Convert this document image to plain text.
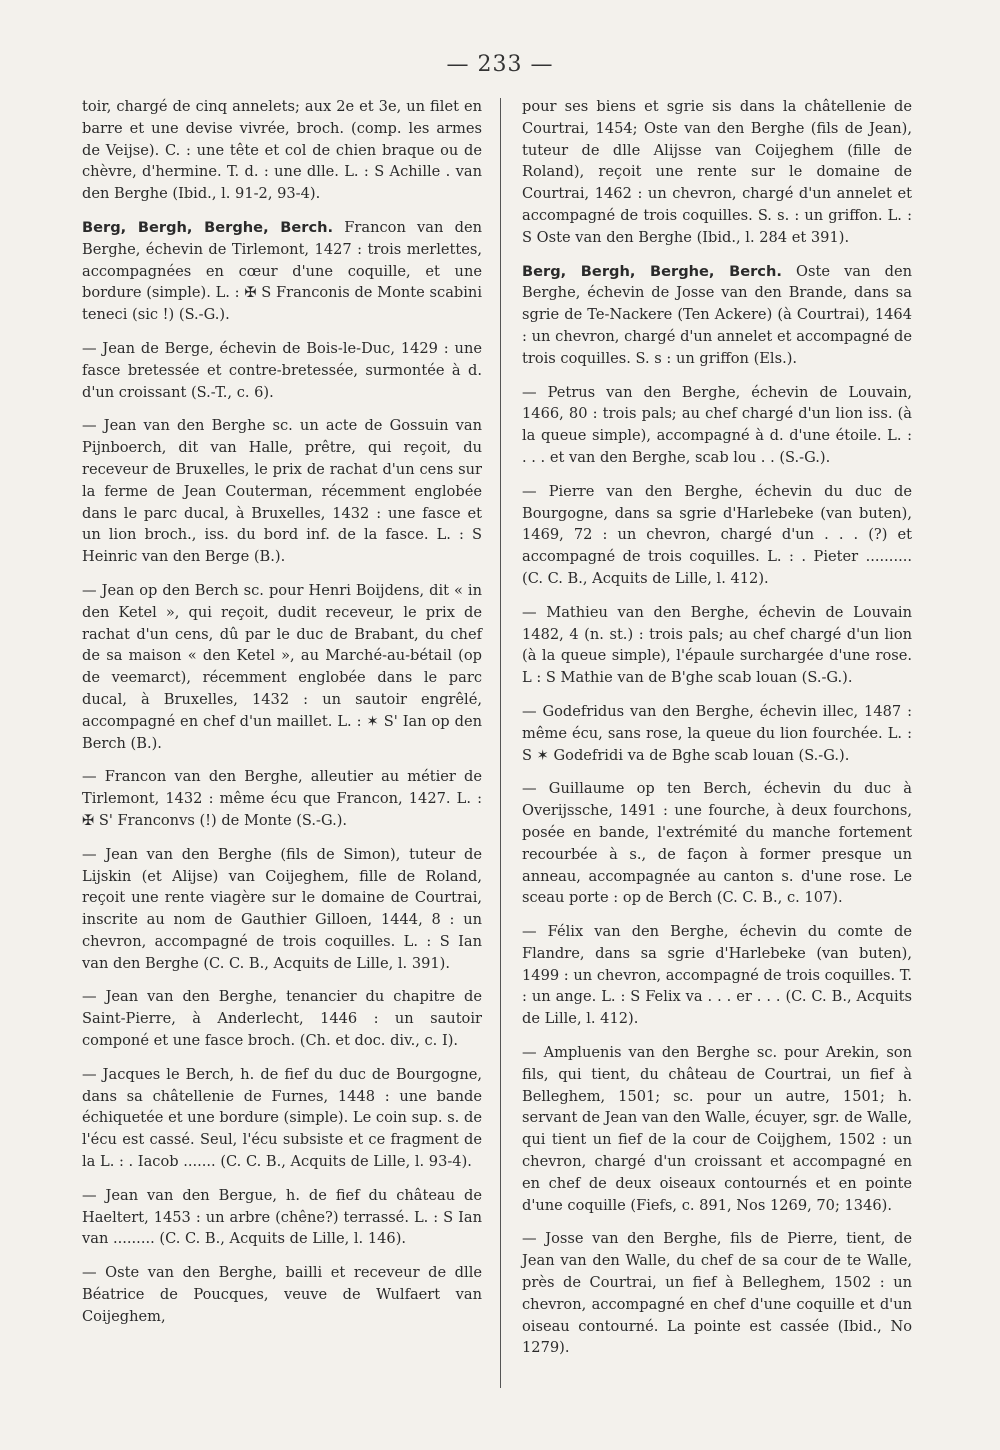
— 233 —

toir, chargé de cinq annelets; aux 2e et 3e, un filet en barre et une devise vivrée, broch. (comp. les armes de Veijse). C. : une tête et col de chien braque ou de chèvre, d'hermine. T. d. : une dlle. L. : S Achille . van den Berghe (Ibid., l. 91-2, 93-4).

Berg, Bergh, Berghe, Berch. Francon van den Berghe, échevin de Tirlemont, 1427 : trois merlettes, accompagnées en cœur d'une coquille, et une bordure (simple). L. : ✠ S Franconis de Monte scabini teneci (sic !) (S.-G.).

— Jean de Berge, échevin de Bois-le-Duc, 1429 : une fasce bretessée et contre-bretessée, surmontée à d. d'un croissant (S.-T., c. 6).

— Jean van den Berghe sc. un acte de Gossuin van Pijnboerch, dit van Halle, prêtre, qui reçoit, du receveur de Bruxelles, le prix de rachat d'un cens sur la ferme de Jean Couterman, récemment englobée dans le parc ducal, à Bruxelles, 1432 : une fasce et un lion broch., iss. du bord inf. de la fasce. L. : S Heinric van den Berge (B.).

— Jean op den Berch sc. pour Henri Boijdens, dit « in den Ketel », qui reçoit, dudit receveur, le prix de rachat d'un cens, dû par le duc de Brabant, du chef de sa maison « den Ketel », au Marché-au-bétail (op de veemarct), récemment englobée dans le parc ducal, à Bruxelles, 1432 : un sautoir engrêlé, accompagné en chef d'un maillet. L. : ✶ S' Ian op den Berch (B.).

— Francon van den Berghe, alleutier au métier de Tirlemont, 1432 : même écu que Francon, 1427. L. : ✠ S' Franconvs (!) de Monte (S.-G.).

— Jean van den Berghe (fils de Simon), tuteur de Lijskin (et Alijse) van Coijeghem, fille de Roland, reçoit une rente viagère sur le domaine de Courtrai, inscrite au nom de Gauthier Gilloen, 1444, 8 : un chevron, accompagné de trois coquilles. L. : S Ian van den Berghe (C. C. B., Acquits de Lille, l. 391).

— Jean van den Berghe, tenancier du chapitre de Saint-Pierre, à Anderlecht, 1446 : un sautoir componé et une fasce broch. (Ch. et doc. div., c. I).

— Jacques le Berch, h. de fief du duc de Bourgogne, dans sa châtellenie de Furnes, 1448 : une bande échiquetée et une bordure (simple). Le coin sup. s. de l'écu est cassé. Seul, l'écu subsiste et ce fragment de la L. : . Iacob ....... (C. C. B., Acquits de Lille, l. 93-4).

— Jean van den Bergue, h. de fief du château de Haeltert, 1453 : un arbre (chêne?) terrassé. L. : S Ian van ......... (C. C. B., Acquits de Lille, l. 146).

— Oste van den Berghe, bailli et receveur de dlle Béatrice de Poucques, veuve de Wulfaert van Coijeghem,

pour ses biens et sgrie sis dans la châtellenie de Courtrai, 1454; Oste van den Berghe (fils de Jean), tuteur de dlle Alijsse van Coijeghem (fille de Roland), reçoit une rente sur le domaine de Courtrai, 1462 : un chevron, chargé d'un annelet et accompagné de trois coquilles. S. s. : un griffon. L. : S Oste van den Berghe (Ibid., l. 284 et 391).

Berg, Bergh, Berghe, Berch. Oste van den Berghe, échevin de Josse van den Brande, dans sa sgrie de Te-Nackere (Ten Ackere) (à Courtrai), 1464 : un chevron, chargé d'un annelet et accompagné de trois coquilles. S. s : un griffon (Els.).

— Petrus van den Berghe, échevin de Louvain, 1466, 80 : trois pals; au chef chargé d'un lion iss. (à la queue simple), accompagné à d. d'une étoile. L. : . . . et van den Berghe, scab lou . . (S.-G.).

— Pierre van den Berghe, échevin du duc de Bourgogne, dans sa sgrie d'Harlebeke (van buten), 1469, 72 : un chevron, chargé d'un . . . (?) et accompagné de trois coquilles. L. : . Pieter .......... (C. C. B., Acquits de Lille, l. 412).

— Mathieu van den Berghe, échevin de Louvain 1482, 4 (n. st.) : trois pals; au chef chargé d'un lion (à la queue simple), l'épaule surchargée d'une rose. L : S Mathie van de B'ghe scab louan (S.-G.).

— Godefridus van den Berghe, échevin illec, 1487 : même écu, sans rose, la queue du lion fourchée. L. : S ✶ Godefridi va de Bghe scab louan (S.-G.).

— Guillaume op ten Berch, échevin du duc à Overijssche, 1491 : une fourche, à deux fourchons, posée en bande, l'extrémité du manche fortement recourbée à s., de façon à former presque un anneau, accompagnée au canton s. d'une rose. Le sceau porte : op de Berch (C. C. B., c. 107).

— Félix van den Berghe, échevin du comte de Flandre, dans sa sgrie d'Harlebeke (van buten), 1499 : un chevron, accompagné de trois coquilles. T. : un ange. L. : S Felix va . . . er . . . (C. C. B., Acquits de Lille, l. 412).

— Ampluenis van den Berghe sc. pour Arekin, son fils, qui tient, du château de Courtrai, un fief à Belleghem, 1501; sc. pour un autre, 1501; h. servant de Jean van den Walle, écuyer, sgr. de Walle, qui tient un fief de la cour de Coijghem, 1502 : un chevron, chargé d'un croissant et accompagné en en chef de deux oiseaux contournés et en pointe d'une coquille (Fiefs, c. 891, Nos 1269, 70; 1346).

— Josse van den Berghe, fils de Pierre, tient, de Jean van den Walle, du chef de sa cour de te Walle, près de Courtrai, un fief à Belleghem, 1502 : un chevron, accompagné en chef d'une coquille et d'un oiseau contourné. La pointe est cassée (Ibid., No 1279).
